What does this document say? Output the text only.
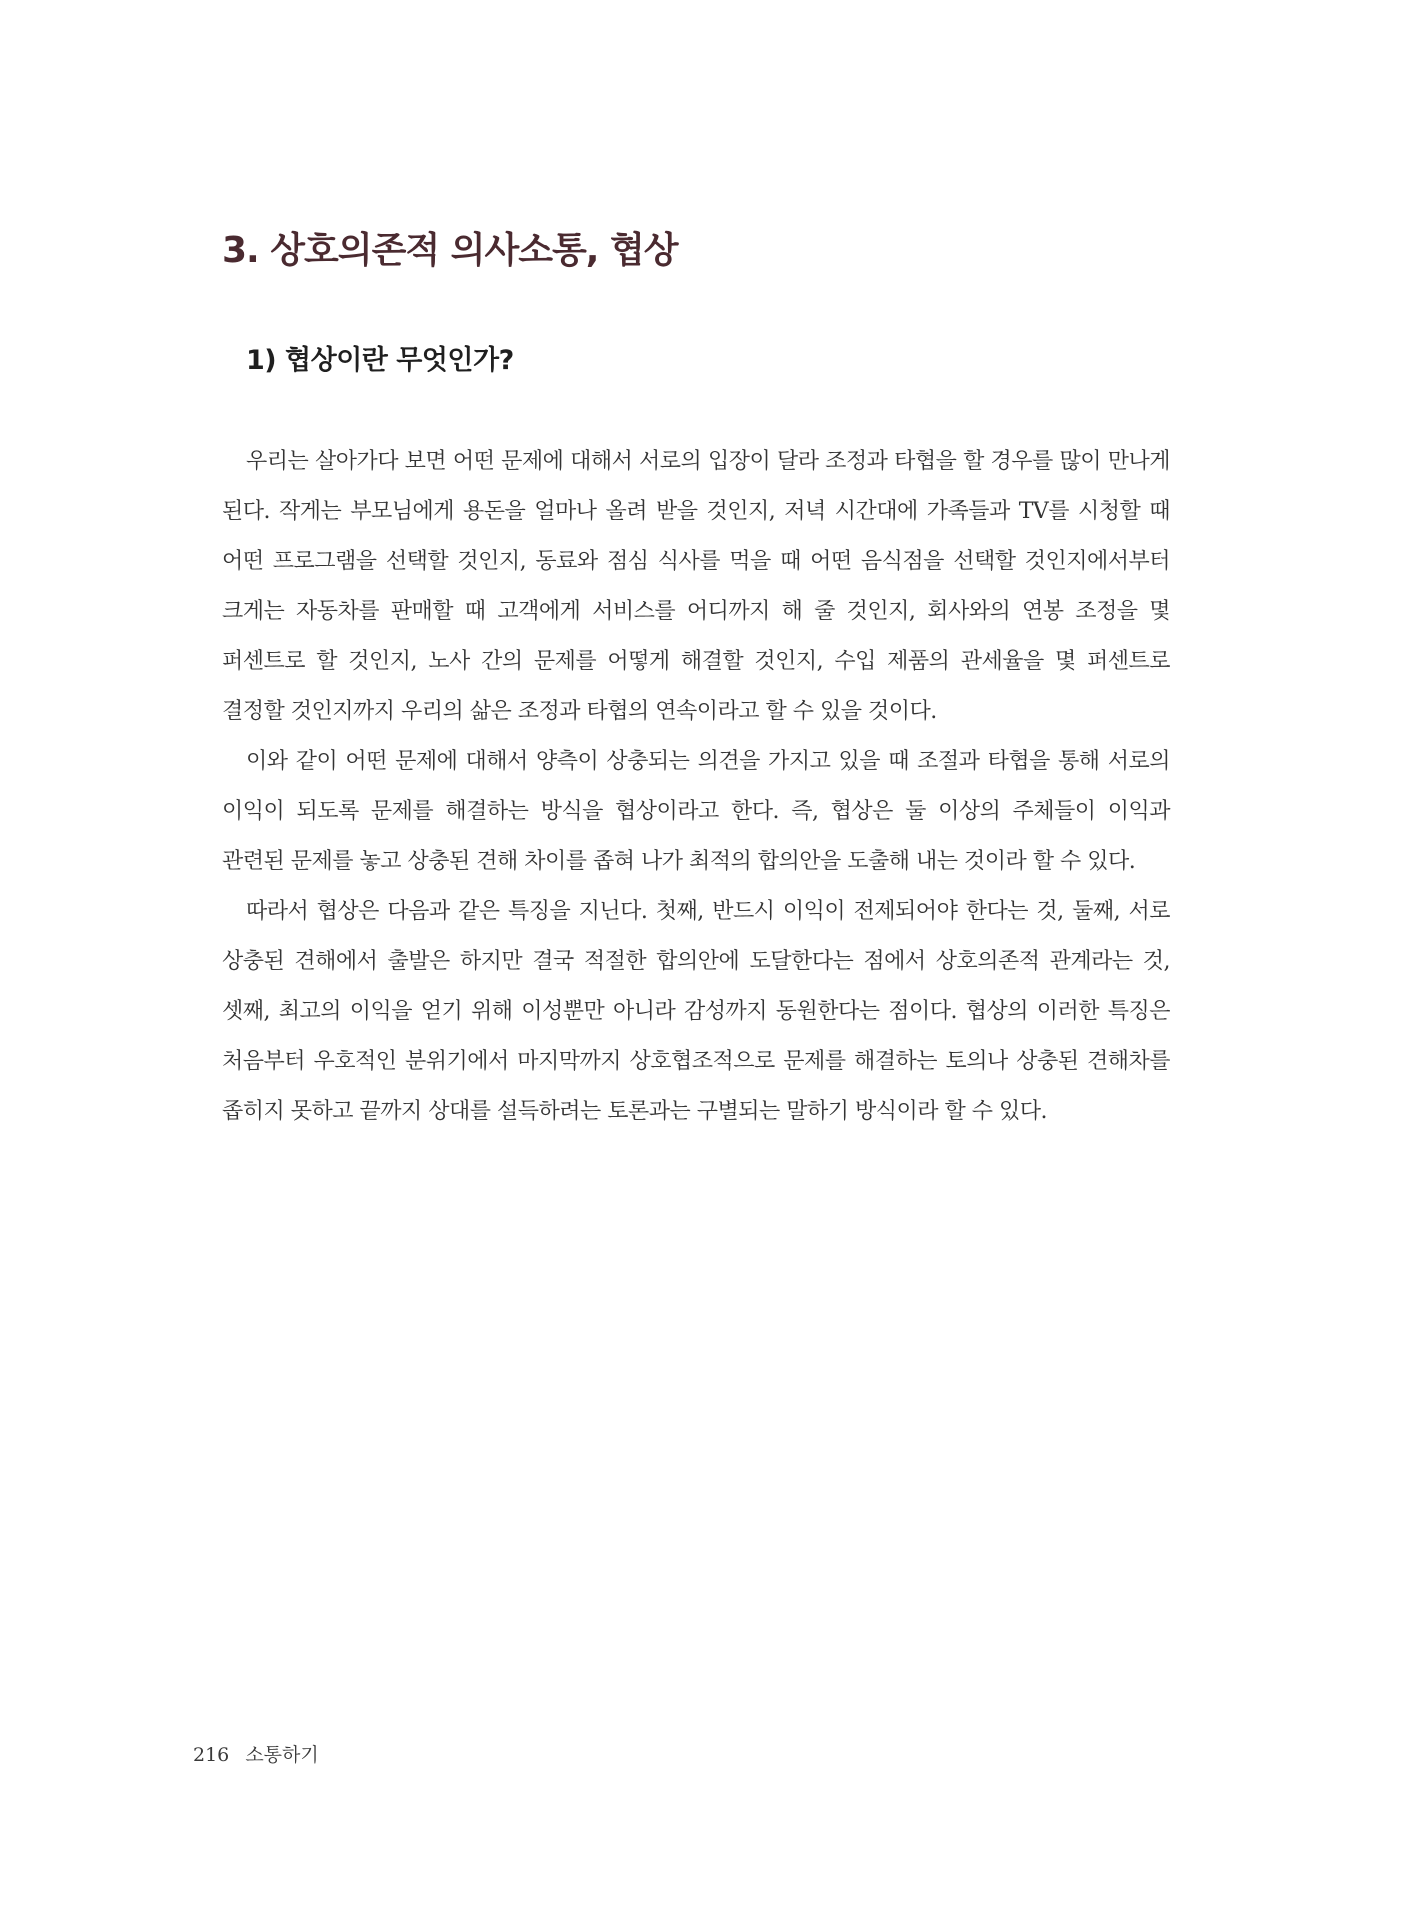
3. 상호의존적 의사소통, 협상
1) 협상이란 무엇인가?

우리는 살아가다 보면 어떤 문제에 대해서 서로의 입장이 달라 조정과 타협을 할 경우를 많이 만나게 된다. 작게는 부모님에게 용돈을 얼마나 올려 받을 것인지, 저녁 시간대에 가족들과 TV를 시청할 때 어떤 프로그램을 선택할 것인지, 동료와 점심 식사를 먹을 때 어떤 음식점을 선택할 것인지에서부터 크게는 자동차를 판매할 때 고객에게 서비스를 어디까지 해 줄 것인지, 회사와의 연봉 조정을 몇 퍼센트로 할 것인지, 노사 간의 문제를 어떻게 해결할 것인지, 수입 제품의 관세율을 몇 퍼센트로 결정할 것인지까지 우리의 삶은 조정과 타협의 연속이라고 할 수 있을 것이다.

이와 같이 어떤 문제에 대해서 양측이 상충되는 의견을 가지고 있을 때 조절과 타협을 통해 서로의 이익이 되도록 문제를 해결하는 방식을 협상이라고 한다. 즉, 협상은 둘 이상의 주체들이 이익과 관련된 문제를 놓고 상충된 견해 차이를 좁혀 나가 최적의 합의안을 도출해 내는 것이라 할 수 있다.

따라서 협상은 다음과 같은 특징을 지닌다. 첫째, 반드시 이익이 전제되어야 한다는 것, 둘째, 서로 상충된 견해에서 출발은 하지만 결국 적절한 합의안에 도달한다는 점에서 상호의존적 관계라는 것, 셋째, 최고의 이익을 얻기 위해 이성뿐만 아니라 감성까지 동원한다는 점이다. 협상의 이러한 특징은 처음부터 우호적인 분위기에서 마지막까지 상호협조적으로 문제를 해결하는 토의나 상충된 견해차를 좁히지 못하고 끝까지 상대를 설득하려는 토론과는 구별되는 말하기 방식이라 할 수 있다.

216 소통하기
